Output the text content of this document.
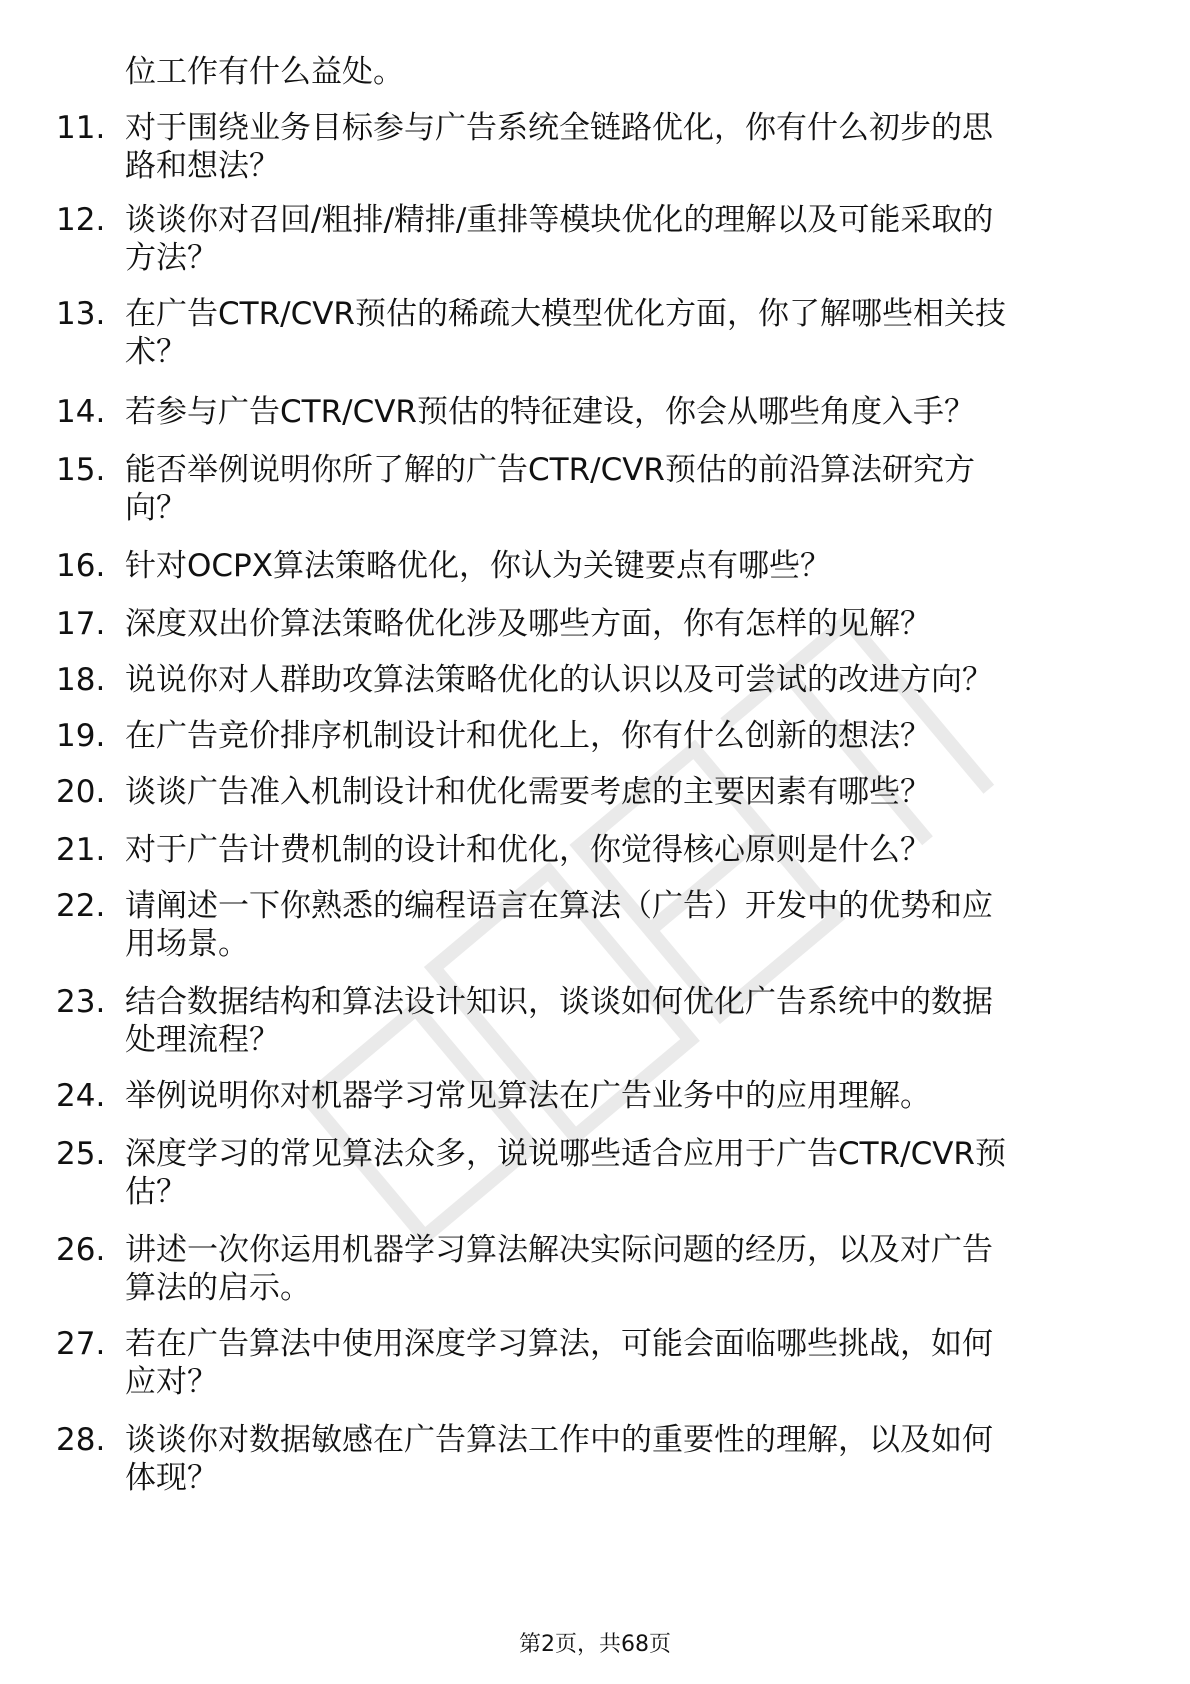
位工作有什么益处。
11. 对于围绕业务目标参与广告系统全链路优化，你有什么初步的思
路和想法？
12. 谈谈你对召回/粗排/精排/重排等模块优化的理解以及可能采取的
方法？
13. 在广告CTR/CVR预估的稀疏大模型优化方面，你了解哪些相关技
术？
14. 若参与广告CTR/CVR预估的特征建设，你会从哪些角度入手？
15. 能否举例说明你所了解的广告CTR/CVR预估的前沿算法研究方
向？
16. 针对OCPX算法策略优化，你认为关键要点有哪些？
17. 深度双出价算法策略优化涉及哪些方面，你有怎样的见解？
18. 说说你对人群助攻算法策略优化的认识以及可尝试的改进方向？
19. 在广告竞价排序机制设计和优化上，你有什么创新的想法？
20. 谈谈广告准入机制设计和优化需要考虑的主要因素有哪些？
21. 对于广告计费机制的设计和优化，你觉得核心原则是什么？
22. 请阐述一下你熟悉的编程语言在算法（广告）开发中的优势和应
用场景。
23. 结合数据结构和算法设计知识，谈谈如何优化广告系统中的数据
处理流程？
24. 举例说明你对机器学习常见算法在广告业务中的应用理解。
25. 深度学习的常见算法众多，说说哪些适合应用于广告CTR/CVR预
估？
26. 讲述一次你运用机器学习算法解决实际问题的经历，以及对广告
算法的启示。
27. 若在广告算法中使用深度学习算法，可能会面临哪些挑战，如何
应对？
28. 谈谈你对数据敏感在广告算法工作中的重要性的理解，以及如何
体现？
第2页，共68页
